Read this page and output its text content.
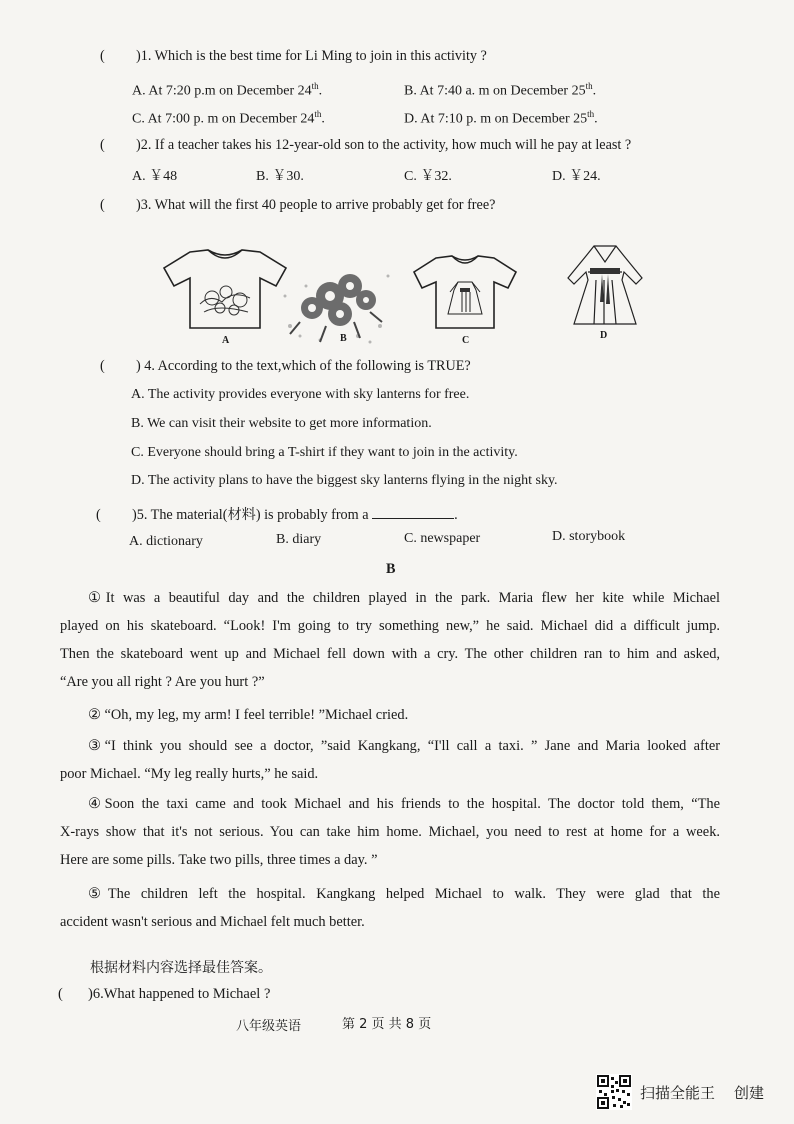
( )1. Which is the best time for Li Ming to join in this activity ?
A. At 7:20 p.m on December 24th.	B. At 7:40 a. m on December 25th.
C. At 7:00 p. m on December 24th.	D. At 7:10 p. m on December 25th.
( )2. If a teacher takes his 12-year-old son to the activity, how much will he pay at least ?
A. ￥48	B. ￥30.	C. ￥32.	D. ￥24.
( )3. What will the first 40 people to arrive probably get for free?
A	B	C	D
( ) 4. According to the text,which of the following is TRUE?
A. The activity provides everyone with sky lanterns for free.
B. We can visit their website to get more information.
C. Everyone should bring a T-shirt if they want to join in the activity.
D. The activity plans to have the biggest sky lanterns flying in the night sky.
( )5. The material(材料) is probably from a	.
A. dictionary	B. diary	C. newspaper	D. storybook
B
①It was a beautiful day and the children played in the park. Maria flew her kite while Michael
played on his skateboard. “Look! I'm going to try something new,” he said. Michael did a difficult jump.
Then the skateboard went up and Michael fell down with a cry. The other children ran to him and asked,
“Are you all right ? Are you hurt ?”
② “Oh, my leg, my arm! I feel terrible! ”Michael cried.
③“I think you should see a doctor, ”said Kangkang, “I'll call a taxi. ” Jane and Maria looked after
poor Michael. “My leg really hurts,” he said.
④Soon the taxi came and took Michael and his friends to the hospital. The doctor told them, “The
X-rays show that it's not serious. You can take him home. Michael, you need to rest at home for a week.
Here are some pills. Take two pills, three times a day. ”
⑤The children left the hospital. Kangkang helped Michael to walk. They were glad that the
accident wasn't serious and Michael felt much better.
根据材料内容选择最佳答案。
( )6.What happened to Michael ?
八年级英语	第 2 页 共 8 页
扫描全能王 创建
